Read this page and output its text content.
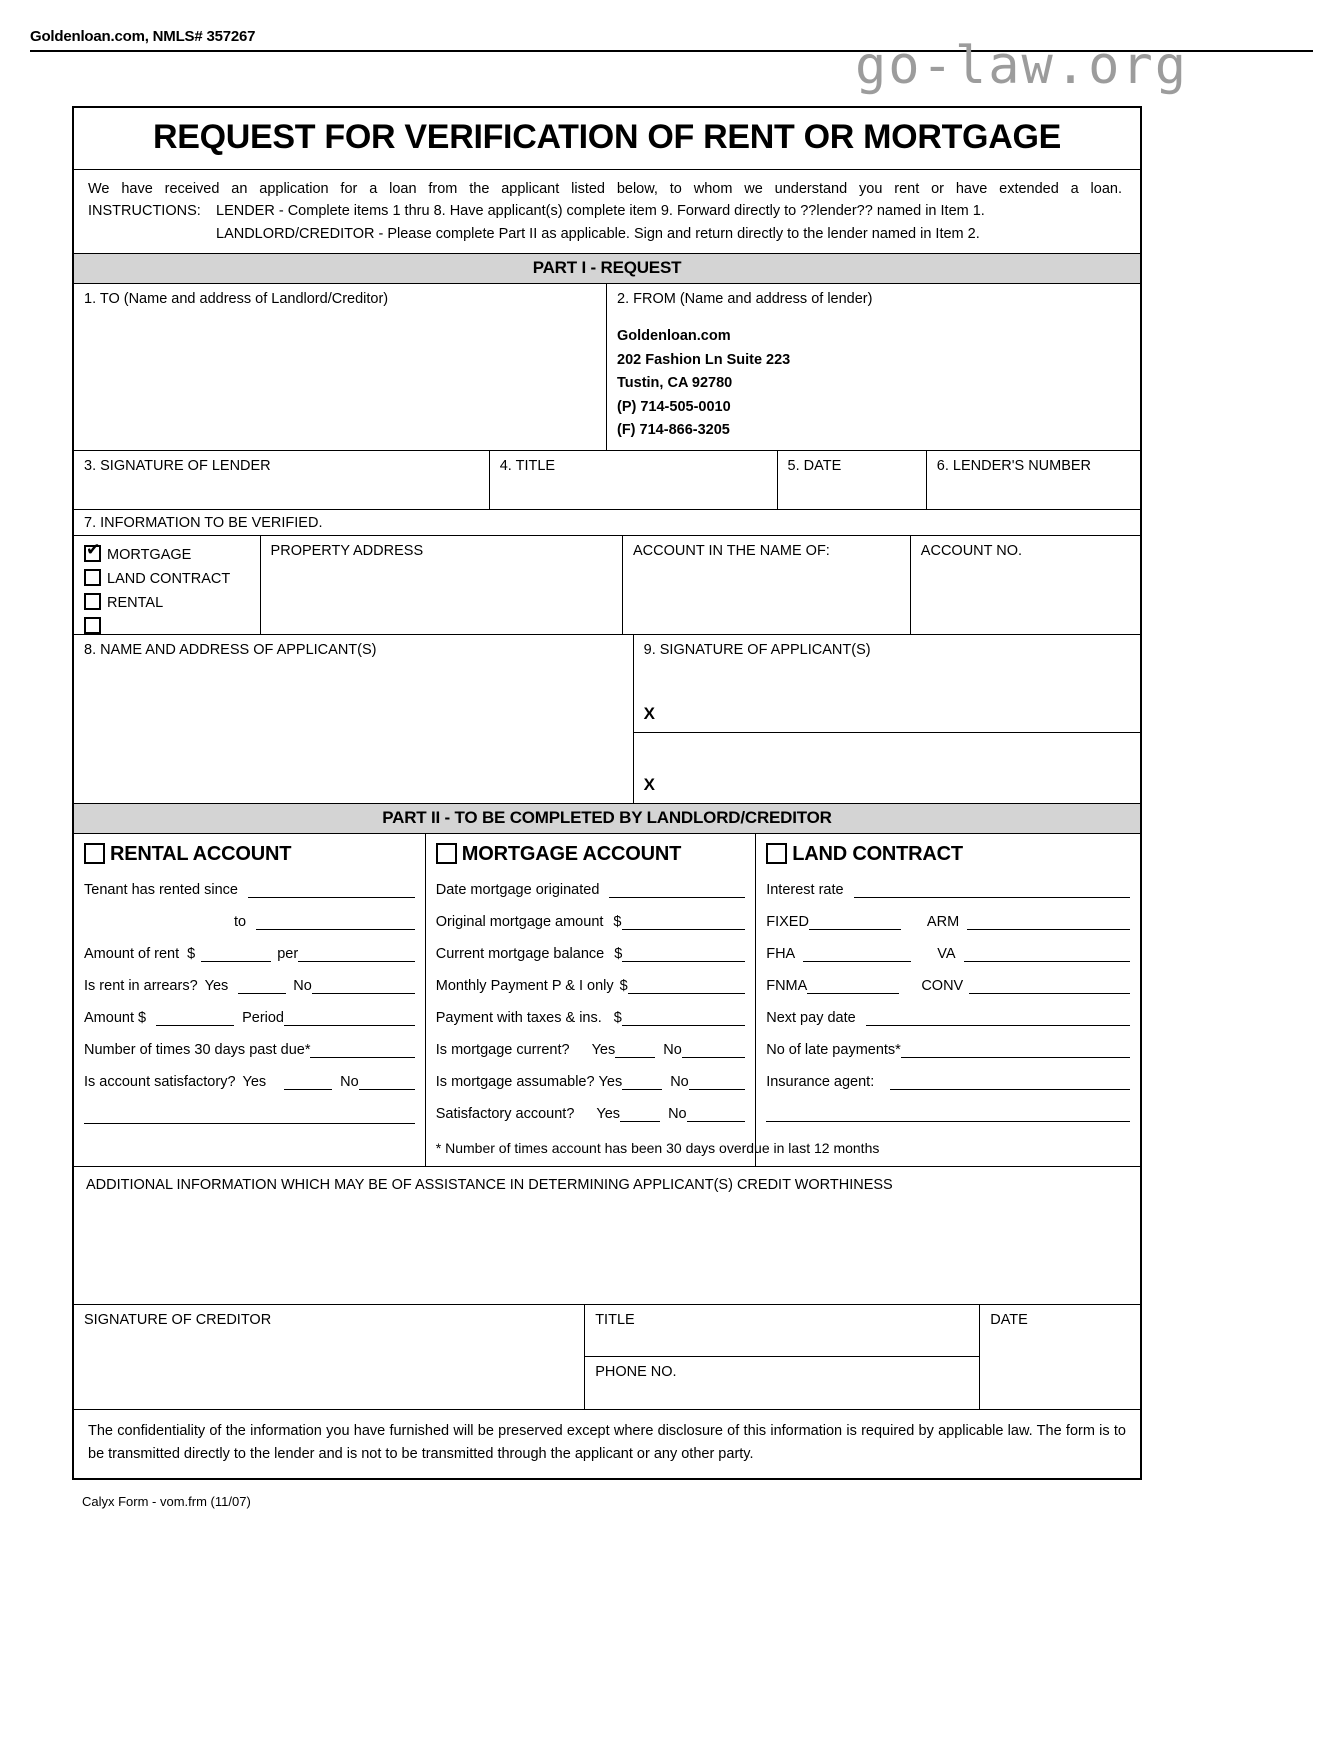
Goldenloan.com, NMLS# 357267	go-law.org
REQUEST FOR VERIFICATION OF RENT OR MORTGAGE
We have received an application for a loan from the applicant listed below, to whom we understand you rent or have extended a loan.
INSTRUCTIONS:	LENDER - Complete items 1 thru 8. Have applicant(s) complete item 9. Forward directly to ??lender?? named in Item 1.
LANDLORD/CREDITOR - Please complete Part II as applicable. Sign and return directly to the lender named in Item 2.
PART I - REQUEST
1. TO (Name and address of Landlord/Creditor)	2. FROM (Name and address of lender)
Goldenloan.com
202 Fashion Ln Suite 223
Tustin, CA 92780
(P) 714-505-0010
(F) 714-866-3205
3. SIGNATURE OF LENDER	4. TITLE	5. DATE	6. LENDER'S NUMBER
7. INFORMATION TO BE VERIFIED.
✔MORTGAGE
LAND CONTRACT
RENTAL
PROPERTY ADDRESS	ACCOUNT IN THE NAME OF:	ACCOUNT NO.
8. NAME AND ADDRESS OF APPLICANT(S)	9. SIGNATURE OF APPLICANT(S)
X
X
PART II - TO BE COMPLETED BY LANDLORD/CREDITOR
RENTAL ACCOUNT
Tenant has rented since
to
Amount of rent $	per
Is rent in arrears? Yes	No
Amount $	Period
Number of times 30 days past due*
Is account satisfactory? Yes	No
MORTGAGE ACCOUNT
Date mortgage originated
Original mortgage amount $
Current mortgage balance $
Monthly Payment P & I only $
Payment with taxes & ins. $
Is mortgage current? Yes	No
Is mortgage assumable? Yes	No
Satisfactory account? Yes	No
* Number of times account has been 30 days overdue in last 12 months
LAND CONTRACT
Interest rate
FIXED	ARM
FHA	VA
FNMA	CONV
Next pay date
No of late payments*
Insurance agent:
ADDITIONAL INFORMATION WHICH MAY BE OF ASSISTANCE IN DETERMINING APPLICANT(S) CREDIT WORTHINESS
SIGNATURE OF CREDITOR	TITLE
PHONE NO.
DATE
The confidentiality of the information you have furnished will be preserved except where disclosure of this information is required by applicable law. The form is to be transmitted directly to the lender and is not to be transmitted through the applicant or any other party.
Calyx Form - vom.frm (11/07)
